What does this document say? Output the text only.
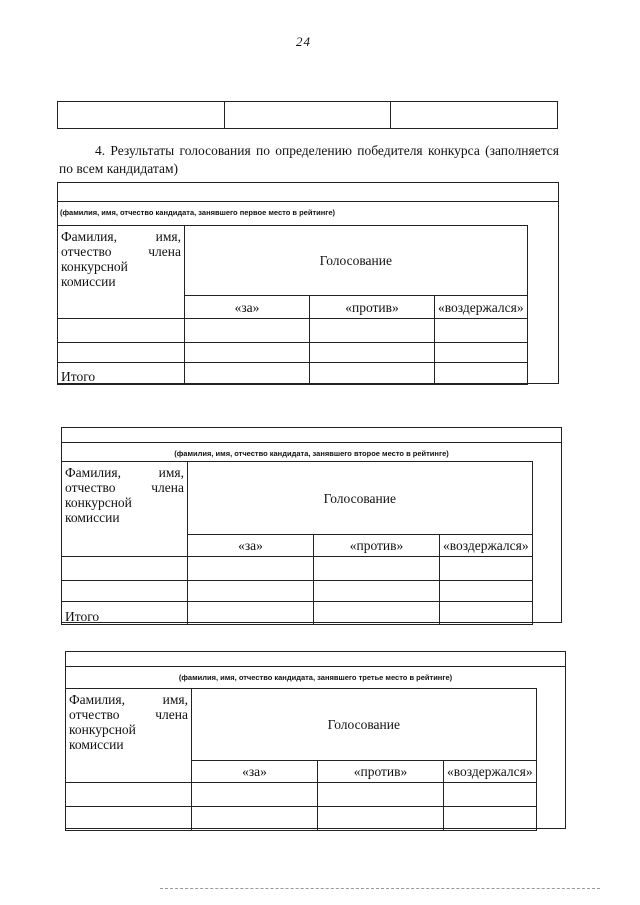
24
4. Результаты голосования по определению победителя конкурса (заполняется по всем кандидатам)
(фамилия, имя, отчество кандидата, занявшего первое место в рейтинге)
Фамилия, имя, отчество члена конкурсной комиссии	Голосование		
	«за»	«против»	«воздержался»

Итого			
(фамилия, имя, отчество кандидата, занявшего второе место в рейтинге)
Фамилия, имя, отчество члена конкурсной комиссии	Голосование		
	«за»	«против»	«воздержался»

Итого			
(фамилия, имя, отчество кандидата, занявшего третье место в рейтинге)
Фамилия, имя, отчество члена конкурсной комиссии	Голосование		
	«за»	«против»	«воздержался»
